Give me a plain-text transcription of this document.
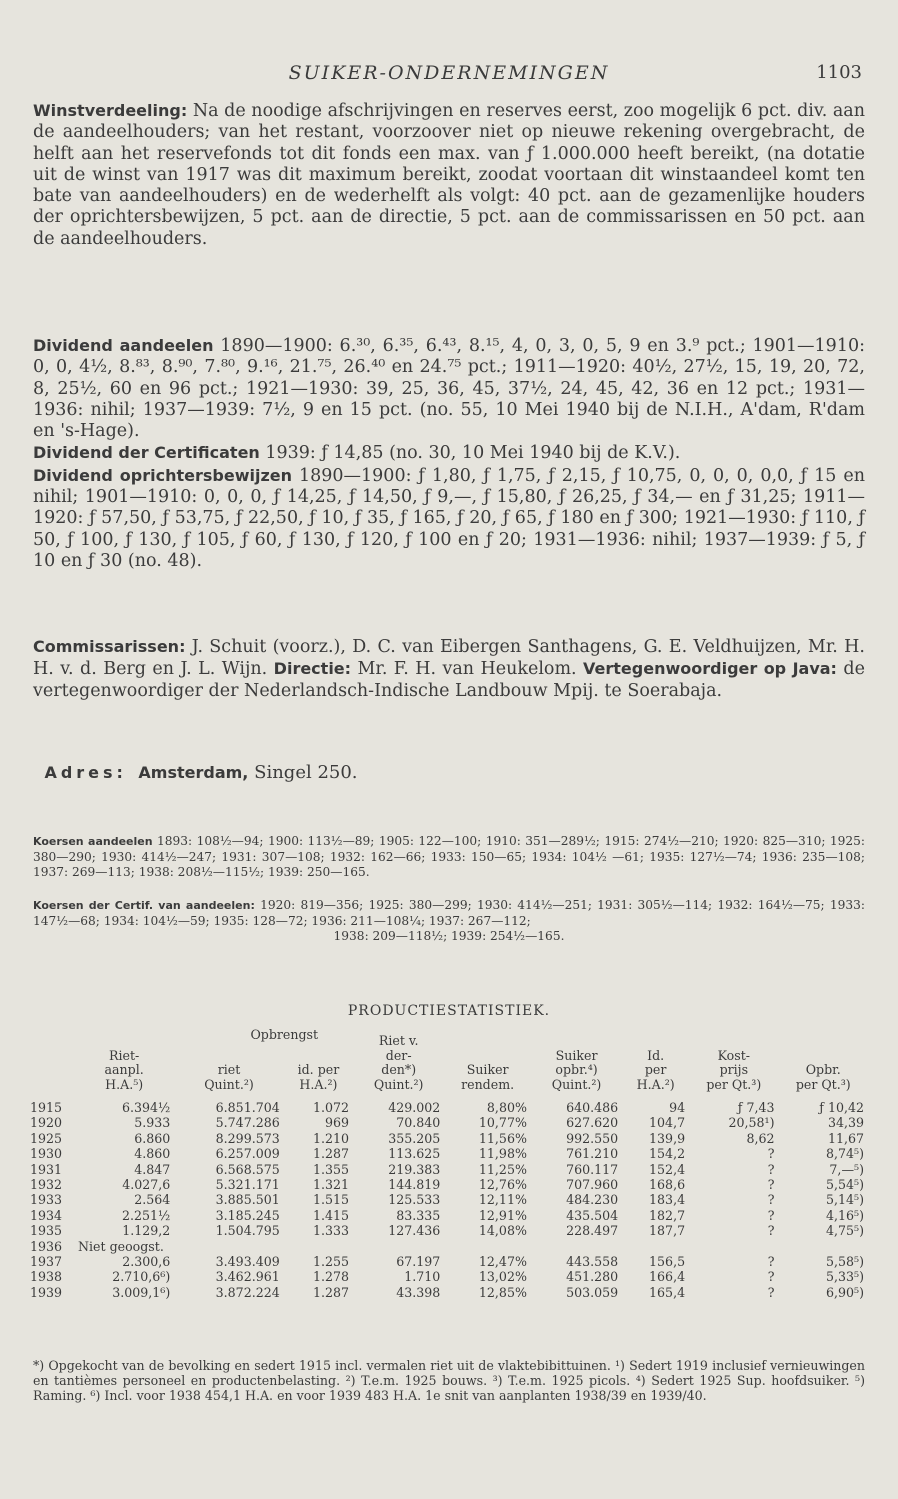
SUIKER-ONDERNEMINGEN	1103

Winstverdeeling: Na de noodige afschrijvingen en reserves eerst, zoo mogelijk 6 pct. div. aan de aandeelhouders; van het restant, voorzoover niet op nieuwe rekening overgebracht, de helft aan het reservefonds tot dit fonds een max. van ƒ 1.000.000 heeft bereikt, (na dotatie uit de winst van 1917 was dit maximum bereikt, zoodat voortaan dit winstaandeel komt ten bate van aandeelhouders) en de wederhelft als volgt: 40 pct. aan de gezamenlijke houders der oprichtersbewijzen, 5 pct. aan de directie, 5 pct. aan de commissarissen en 50 pct. aan de aandeelhouders.

Dividend aandeelen 1890—1900: 6.³⁰, 6.³⁵, 6.⁴³, 8.¹⁵, 4, 0, 3, 0, 5, 9 en 3.⁹ pct.; 1901—1910: 0, 0, 4½, 8.⁸³, 8.⁹⁰, 7.⁸⁰, 9.¹⁶, 21.⁷⁵, 26.⁴⁰ en 24.⁷⁵ pct.; 1911—1920: 40½, 27½, 15, 19, 20, 72, 8, 25½, 60 en 96 pct.; 1921—1930: 39, 25, 36, 45, 37½, 24, 45, 42, 36 en 12 pct.; 1931—1936: nihil; 1937—1939: 7½, 9 en 15 pct. (no. 55, 10 Mei 1940 bij de N.I.H., A'dam, R'dam en 's-Hage).
Dividend der Certificaten 1939: ƒ 14,85 (no. 30, 10 Mei 1940 bij de K.V.).
Dividend oprichtersbewijzen 1890—1900: ƒ 1,80, ƒ 1,75, ƒ 2,15, ƒ 10,75, 0, 0, 0, 0,0, ƒ 15 en nihil; 1901—1910: 0, 0, 0, ƒ 14,25, ƒ 14,50, ƒ 9,—, ƒ 15,80, ƒ 26,25, ƒ 34,— en ƒ 31,25; 1911—1920: ƒ 57,50, ƒ 53,75, ƒ 22,50, ƒ 10, ƒ 35, ƒ 165, ƒ 20, ƒ 65, ƒ 180 en ƒ 300; 1921—1930: ƒ 110, ƒ 50, ƒ 100, ƒ 130, ƒ 105, ƒ 60, ƒ 130, ƒ 120, ƒ 100 en ƒ 20; 1931—1936: nihil; 1937—1939: ƒ 5, ƒ 10 en ƒ 30 (no. 48).

Commissarissen: J. Schuit (voorz.), D. C. van Eibergen Santhagens, G. E. Veldhuijzen, Mr. H. H. v. d. Berg en J. L. Wijn. Directie: Mr. F. H. van Heukelom. Vertegenwoordiger op Java: de vertegenwoordiger der Nederlandsch-Indische Landbouw Mpij. te Soerabaja.

Adres: Amsterdam, Singel 250.

Koersen aandeelen 1893: 108½—94; 1900: 113½—89; 1905: 122—100; 1910: 351—289½; 1915: 274½—210; 1920: 825—310; 1925: 380—290; 1930: 414½—247; 1931: 307—108; 1932: 162—66; 1933: 150—65; 1934: 104½ —61; 1935: 127½—74; 1936: 235—108; 1937: 269—113; 1938: 208½—115½; 1939: 250—165.

Koersen der Certif. van aandeelen: 1920: 819—356; 1925: 380—299; 1930: 414½—251; 1931: 305½—114; 1932: 164½—75; 1933: 147½—68; 1934: 104½—59; 1935: 128—72; 1936: 211—108¼; 1937: 267—112;
1938: 209—118½; 1939: 254½—165.

PRODUCTIESTATISTIEK.
	Riet-
aanpl.
H.A.⁵)	Opbrengst

riet
Quint.²)	id. per
H.A.²)	Riet v.
der-
den*)
Quint.²)	Suiker
rendem.	Suiker
opbr.⁴)
Quint.²)	Id.
per
H.A.²)	Kost-
prijs
per Qt.³)	Opbr.
per Qt.³)
1915	6.394½	6.851.704	1.072	429.002	8,80%	640.486	94	ƒ 7,43	ƒ 10,42
1920	5.933	5.747.286	969	70.840	10,77%	627.620	104,7	20,58¹)	34,39
1925	6.860	8.299.573	1.210	355.205	11,56%	992.550	139,9	8,62	11,67
1930	4.860	6.257.009	1.287	113.625	11,98%	761.210	154,2	?	8,74⁵)
1931	4.847	6.568.575	1.355	219.383	11,25%	760.117	152,4	?	7,—⁵)
1932	4.027,6	5.321.171	1.321	144.819	12,76%	707.960	168,6	?	5,54⁵)
1933	2.564	3.885.501	1.515	125.533	12,11%	484.230	183,4	?	5,14⁵)
1934	2.251½	3.185.245	1.415	83.335	12,91%	435.504	182,7	?	4,16⁵)
1935	1.129,2	1.504.795	1.333	127.436	14,08%	228.497	187,7	?	4,75⁵)
1936	Niet geoogst.								
1937	2.300,6	3.493.409	1.255	67.197	12,47%	443.558	156,5	?	5,58⁵)
1938	2.710,6⁶)	3.462.961	1.278	1.710	13,02%	451.280	166,4	?	5,33⁵)
1939	3.009,1⁶)	3.872.224	1.287	43.398	12,85%	503.059	165,4	?	6,90⁵)

*) Opgekocht van de bevolking en sedert 1915 incl. vermalen riet uit de vlaktebibittuinen. ¹) Sedert 1919 inclusief vernieuwingen en tantièmes personeel en productenbelasting. ²) T.e.m. 1925 bouws. ³) T.e.m. 1925 picols. ⁴) Sedert 1925 Sup. hoofdsuiker. ⁵) Raming. ⁶) Incl. voor 1938 454,1 H.A. en voor 1939 483 H.A. 1e snit van aanplanten 1938/39 en 1939/40.
